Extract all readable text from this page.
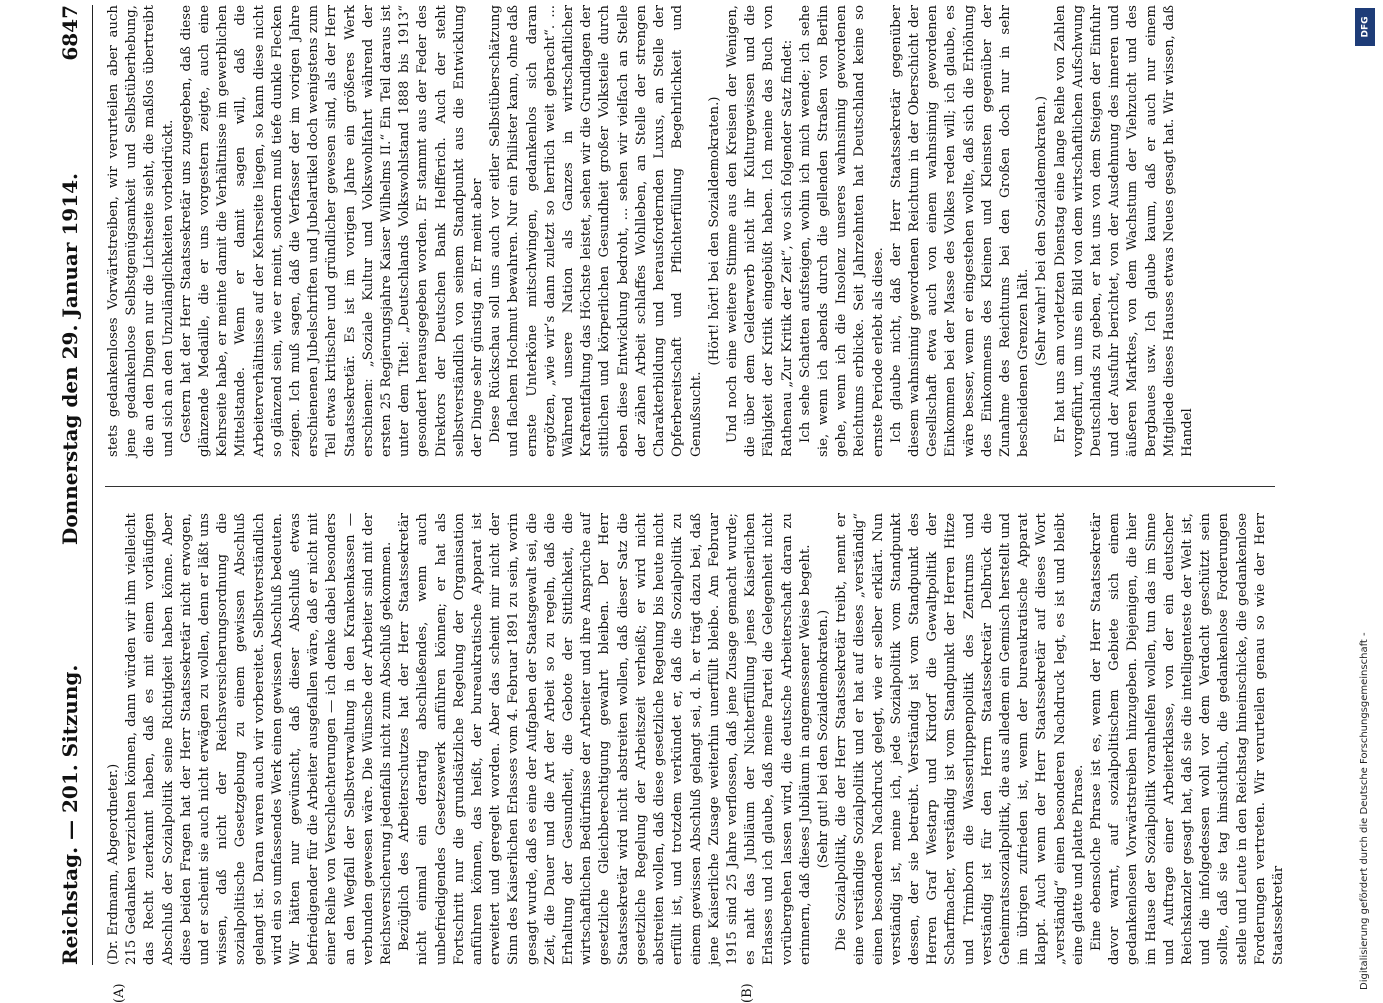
Reichstag. — 201. Sitzung.
Donnerstag den 29. Januar 1914.
6847

(Dr. Erdmann, Abgeordneter.) 215 Gedanken verzichten können, dann würden wir ihm vielleicht das Recht zuerkannt haben, daß es mit einem vorläufigen Abschluß der Sozialpolitik seine Richtigkeit haben könne. Aber diese beiden Fragen hat der Herr Staatssekretär nicht erwogen, und er scheint sie auch nicht erwägen zu wollen, denn er läßt uns wissen, daß nicht der Reichsversicherungsordnung die sozialpolitische Gesetzgebung zu einem gewissen Abschluß gelangt ist. Daran waren auch wir vorbereitet. Selbstverständlich wird ein so umfassendes Werk einen gewissen Abschluß bedeuten. Wir hätten nur gewünscht, daß dieser Abschluß etwas befriedigender für die Arbeiter ausgefallen wäre, daß er nicht mit einer Reihe von Verschlechterungen — ich denke dabei besonders an den Wegfall der Selbstverwaltung in den Krankenkassen — verbunden gewesen wäre. Die Wünsche der Arbeiter sind mit der Reichsversicherung jedenfalls nicht zum Abschluß gekommen. Bezüglich des Arbeiterschutzes hat der Herr Staatssekretär nicht einmal ein derartig abschließendes, wenn auch unbefriedigendes Gesetzeswerk anführen können; er hat als Fortschritt nur die grundsätzliche Regelung der Organisation anführen können, das heißt, der bureaukratische Apparat ist erweitert und geregelt worden. Aber das scheint mir nicht der Sinn des Kaiserlichen Erlasses vom 4. Februar 1891 zu sein, worin gesagt wurde, daß es eine der Aufgaben der Staatsgewalt sei, die Zeit, die Dauer und die Art der Arbeit so zu regeln, daß die Erhaltung der Gesundheit, die Gebote der Sittlichkeit, die wirtschaftlichen Bedürfnisse der Arbeiter und ihre Ansprüche auf gesetzliche Gleichberechtigung gewahrt bleiben. Der Herr Staatssekretär wird nicht abstreiten wollen, daß dieser Satz die gesetzliche Regelung der Arbeitszeit verheißt; er wird nicht abstreiten wollen, daß diese gesetzliche Regelung bis heute nicht erfüllt ist, und trotzdem verkündet er, daß die Sozialpolitik zu einem gewissen Abschluß gelangt sei, d. h. er trägt dazu bei, daß jene Kaiserliche Zusage weiterhin unerfüllt bleibe. Am Februar 1915 sind 25 Jahre verflossen, daß jene Zusage gemacht wurde; es naht das Jubiläum der Nichterfüllung jenes Kaiserlichen Erlasses und ich glaube, daß meine Partei die Gelegenheit nicht vorübergehen lassen wird, die deutsche Arbeiterschaft daran zu erinnern, daß dieses Jubiläum in angemessener Weise begeht. (Sehr gut! bei den Sozialdemokraten.) Die Sozialpolitik, die der Herr Staatssekretär treibt, nennt er eine verständige Sozialpolitik und er hat auf dieses „verständig“ einen besonderen Nachdruck gelegt, wie er selber erklärt. Nun verständig ist, meine ich, jede Sozialpolitik vom Standpunkt dessen, der sie betreibt. Verständig ist vom Standpunkt des Herren Graf Westarp und Kirdorf die Gewaltpolitik der Scharfmacher, verständig ist vom Standpunkt der Herren Hitze und Trimborn die Wasserluppenpolitik des Zentrums und verständig ist für den Herrn Staatssekretär Delbrück die Geheimratssozialpolitik, die aus alledem ein Gemisch herstellt und im übrigen zufrieden ist, wenn der bureaukratische Apparat klappt. Auch wenn der Herr Staatssekretär auf dieses Wort „verständig“ einen besonderen Nachdruck legt, es ist und bleibt eine glatte und platte Phrase. Eine ebensolche Phrase ist es, wenn der Herr Staatssekretär davor warnt, auf sozialpolitischem Gebiete sich einem gedankenlosen Vorwärtstreiben hinzugeben. Diejenigen, die hier im Hause der Sozialpolitik voranhelfen wollen, tun das im Sinne und Auftrage einer Arbeiterklasse, von der ein deutscher Reichskanzler gesagt hat, daß sie die intelligenteste der Welt ist, und die infolgedessen wohl vor dem Verdacht geschützt sein sollte, daß sie tag hinsichtlich, die gedankenlose Forderungen stelle und Leute in den Reichstag hineinschicke, die gedankenlose Forderungen vertreten. Wir verurteilen genau so wie der Herr Staatssekretär

stets gedankenloses Vorwärtstreiben, wir verurteilen aber auch jene gedankenlose Selbstgenügsamkeit und Selbstüberhebung, die an den Dingen nur die Lichtseite sieht, die maßlos übertreibt und sich an den Unzulänglichkeiten vorbeidrückt. Gestern hat der Herr Staatssekretär uns zugegeben, daß diese glänzende Medaille, die er uns vorgestern zeigte, auch eine Kehrseite habe, er meinte damit die Verhältnisse im gewerblichen Mittelstande. Wenn er damit sagen will, daß die Arbeiterverhältnisse auf der Kehrseite liegen, so kann diese nicht so glänzend sein, wie er meint, sondern muß tiefe dunkle Flecken zeigen. Ich muß sagen, daß die Verfasser der im vorigen Jahre erschienenen Jubelschriften und Jubelartikel doch wenigstens zum Teil etwas kritischer und gründlicher gewesen sind, als der Herr Staatssekretär. Es ist im vorigen Jahre ein größeres Werk erschienen: „Soziale Kultur und Volkswohlfahrt während der ersten 25 Regierungsjahre Kaiser Wilhelms II.“ Ein Teil daraus ist unter dem Titel: „Deutschlands Volkswohlstand 1888 bis 1913“ gesondert herausgegeben worden. Er stammt aus der Feder des Direktors der Deutschen Bank Helfferich. Auch der steht selbstverständlich von seinem Standpunkt aus die Entwicklung der Dinge sehr günstig an. Er meint aber Diese Rückschau soll uns auch vor eitler Selbstüberschätzung und flachem Hochmut bewahren. Nur ein Philister kann, ohne daß ernste Unterköne mitschwingen, gedankenlos sich daran ergötzen, „wie wir’s dann zuletzt so herrlich weit gebracht“. ... Während unsere Nation als Ganzes in wirtschaftlicher Kraftentfaltung das Höchste leistet, sehen wir die Grundlagen der sittlichen und körperlichen Gesundheit großer Volksteile durch eben diese Entwicklung bedroht, ... sehen wir vielfach an Stelle der zähen Arbeit schlaffes Wohlleben, an Stelle der strengen Charakterbildung und herausfordernden Luxus, an Stelle der Opferbereitschaft und Pflichterfüllung Begehrlichkeit und Genußsucht.

(Hört! hört! bei den Sozialdemokraten.) Und noch eine weitere Stimme aus den Kreisen der Wenigen, die über dem Gelderwerb nicht ihr Kulturgewissen und die Fähigkeit der Kritik eingebüßt haben. Ich meine das Buch von Rathenau „Zur Kritik der Zeit“, wo sich folgender Satz findet: Ich sehe Schatten aufsteigen, wohin ich mich wende; ich sehe sie, wenn ich abends durch die gellenden Straßen von Berlin gehe, wenn ich die Insolenz unseres wahnsinnig gewordenen Reichtums erblicke. Seit Jahrzehnten hat Deutschland keine so ernste Periode erlebt als diese. Ich glaube nicht, daß der Herr Staatssekretär gegenüber diesem wahnsinnig gewordenen Reichtum in der Oberschicht der Gesellschaft etwa auch von einem wahnsinnig gewordenen Einkommen bei der Masse des Volkes reden will; ich glaube, es wäre besser, wenn er eingestehen wollte, daß sich die Erhöhung des Einkommens des Kleinen und Kleinsten gegenüber der Zunahme des Reichtums bei den Großen doch nur in sehr bescheidenen Grenzen hält. (Sehr wahr! bei den Sozialdemokraten.) Er hat uns am vorletzten Dienstag eine lange Reihe von Zahlen vorgeführt, um uns ein Bild von dem wirtschaftlichen Aufschwung Deutschlands zu geben, er hat uns von dem Steigen der Einfuhr und der Ausfuhr berichtet, von der Ausdehnung des inneren und äußeren Marktes, von dem Wachstum der Viehzucht und des Bergbaues usw. Ich glaube kaum, daß er auch nur einem Mitgliede dieses Hauses etwas Neues gesagt hat. Wir wissen, daß Handel

(A)	(B)
DFG
Digitalisierung gefördert durch die Deutsche Forschungsgemeinschaft -
